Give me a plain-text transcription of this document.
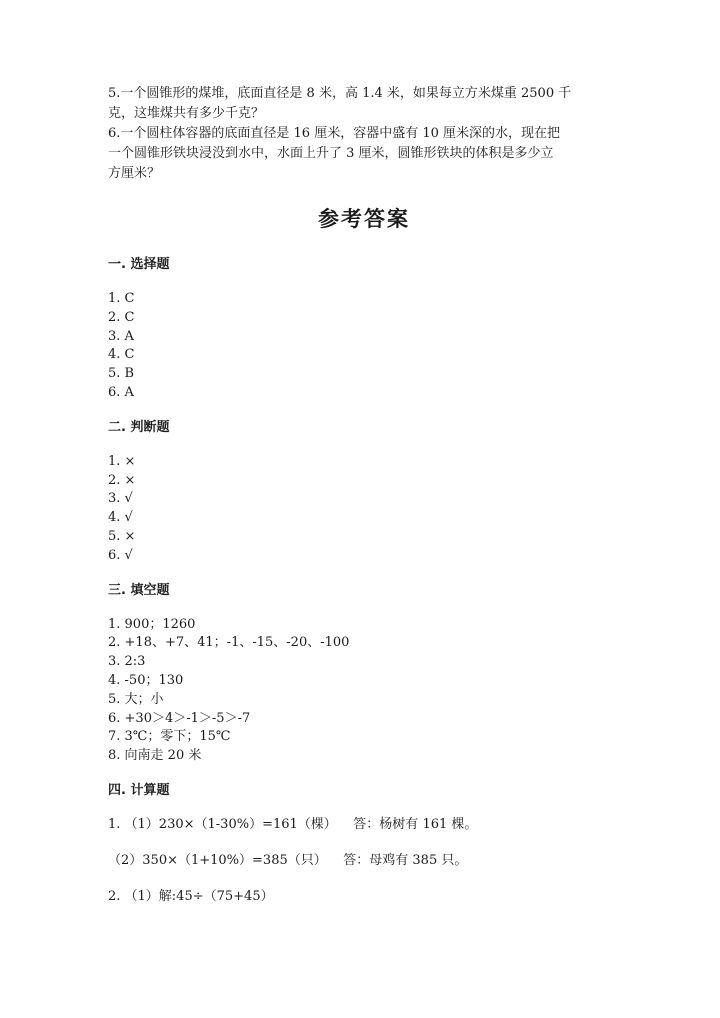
5.一个圆锥形的煤堆，底面直径是 8 米，高 1.4 米，如果每立方米煤重 2500 千

克，这堆煤共有多少千克？

6.一个圆柱体容器的底面直径是 16 厘米，容器中盛有 10 厘米深的水，现在把

一个圆锥形铁块浸没到水中，水面上升了 3 厘米，圆锥形铁块的体积是多少立

方厘米？

参考答案

一. 选择题

1. C
2. C
3. A
4. C
5. B
6. A

二. 判断题

1. ×
2. ×
3. √
4. √
5. ×
6. √

三. 填空题

1. 900；1260
2. +18、+7、41；-1、-15、-20、-100
3. 2:3
4. -50；130
5. 大；小
6. +30＞4＞-1＞-5＞-7
7. 3℃；零下；15℃
8. 向南走 20 米

四. 计算题

1. （1）230×（1-30%）=161（棵）    答：杨树有 161 棵。
（2）350×（1+10%）=385（只）    答：母鸡有 385 只。
2. （1）解:45÷（75+45）
